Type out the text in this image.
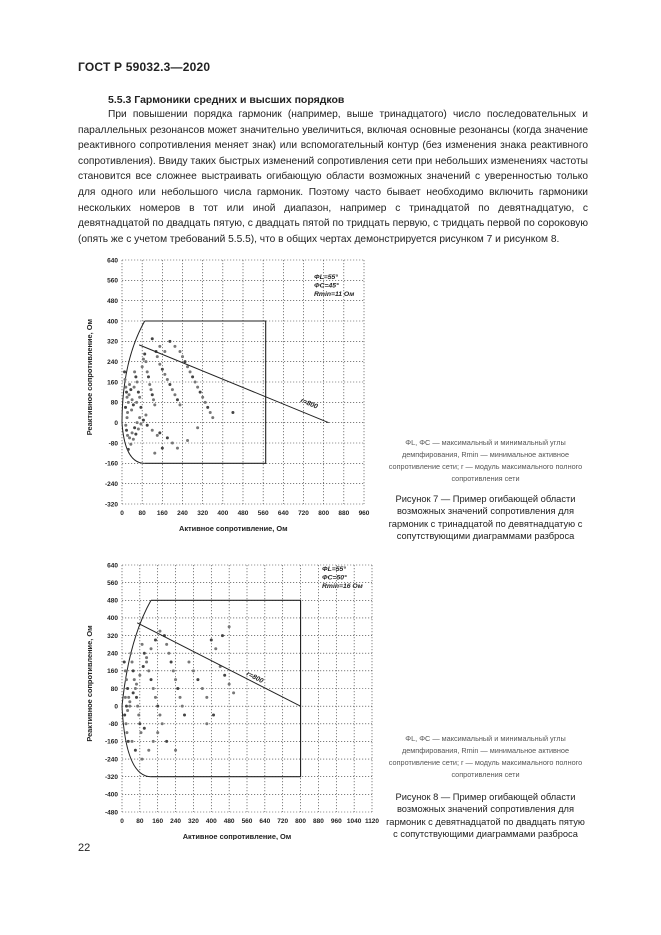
ГОСТ Р 59032.3—2020
5.5.3 Гармоники средних и высших порядков
При повышении порядка гармоник (например, выше тринадцатого) число последовательных и параллельных резонансов может значительно увеличиться, включая основные резонансы (когда значение реактивного сопротивления меняет знак) или вспомогательный контур (без изменения знака реактивного сопротивления). Ввиду таких быстрых изменений сопротивления сети при небольших изменениях частоты становится все сложнее выстраивать огибающую области возможных значений с уверенностью только для одного или небольшого числа гармоник. Поэтому часто бывает необходимо включить гармоники нескольких номеров в тот или иной диапазон, например с тринадцатой по девятнадцатую, с девятнадцатой по двадцать пятую, с двадцать пятой по тридцать первую, с тридцать первой по сороковую (опять же с учетом требований 5.5.5), что в общих чертах демонстрируется рисунком 7 и рисунком 8.
0 80 160 240 320 400 480 560 640 720 800 880 960
640
560
480
400
320
240
160
80
0
-80
-160
-240
-320
Активное сопротивление, Ом
Реактивное сопротивление, Ом
ΦL=55°
ΦC=45°
Rmin=11 Ом
r=800
ΦL, ΦC — максимальный и минимальный углы демпфирования, Rmin — минимальное активное сопротивление сети; r — модуль максимального полного сопротивления сети
Рисунок 7 — Пример огибающей области возможных значений сопротивления для гармоник с тринадцатой по девятнадцатую с сопутствующими диаграммами разброса
0 80 160 240 320 400 480 560 640 720 800 880 960 1040 1120
640
560
480
400
320
240
160
80
0
-80
-160
-240
-320
-400
-480
Активное сопротивление, Ом
Реактивное сопротивление, Ом
ΦL=55°
ΦC=50°
Rmin=16 Ом
r=800
ΦL, ΦC — максимальный и минимальный углы демпфирования, Rmin — минимальное активное сопротивление сети; r — модуль максимального полного сопротивления сети
Рисунок 8 — Пример огибающей области возможных значений сопротивления для гармоник с девятнадцатой по двадцать пятую с сопутствующими диаграммами разброса
22
